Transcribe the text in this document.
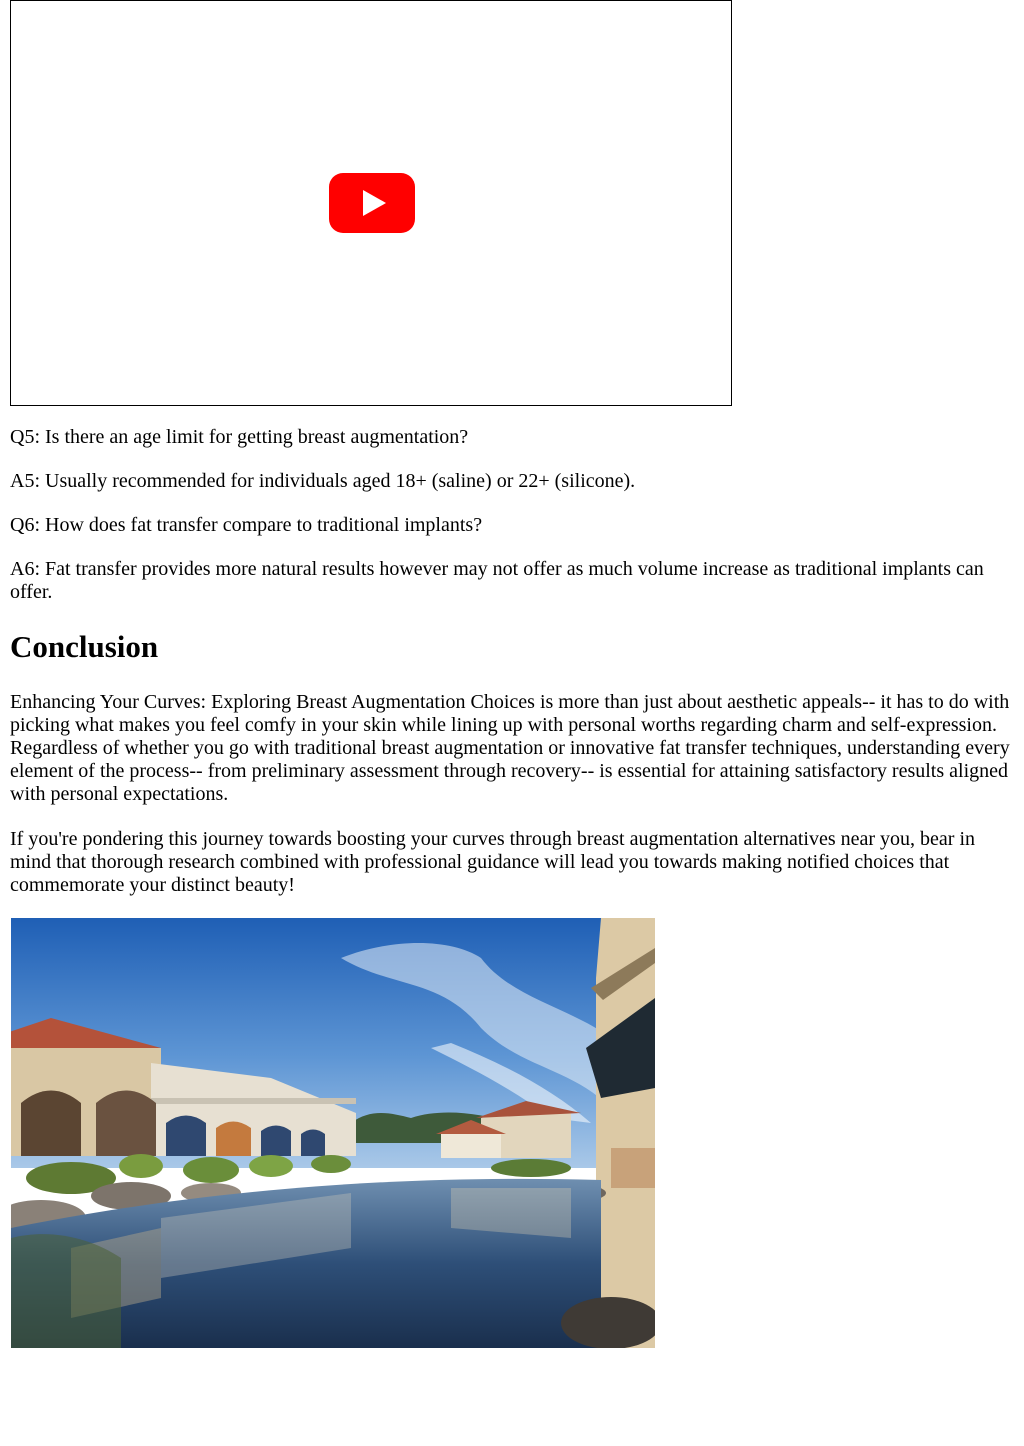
Q5: Is there an age limit for getting breast augmentation?

A5: Usually recommended for individuals aged 18+ (saline) or 22+ (silicone).

Q6: How does fat transfer compare to traditional implants?

A6: Fat transfer provides more natural results however may not offer as much volume increase as traditional implants can offer.

Conclusion

Enhancing Your Curves: Exploring Breast Augmentation Choices is more than just about aesthetic appeals-- it has to do with picking what makes you feel comfy in your skin while lining up with personal worths regarding charm and self-expression. Regardless of whether you go with traditional breast augmentation or innovative fat transfer techniques, understanding every element of the process-- from preliminary assessment through recovery-- is essential for attaining satisfactory results aligned with personal expectations.

If you're pondering this journey towards boosting your curves through breast augmentation alternatives near you, bear in mind that thorough research combined with professional guidance will lead you towards making notified choices that commemorate your distinct beauty!
